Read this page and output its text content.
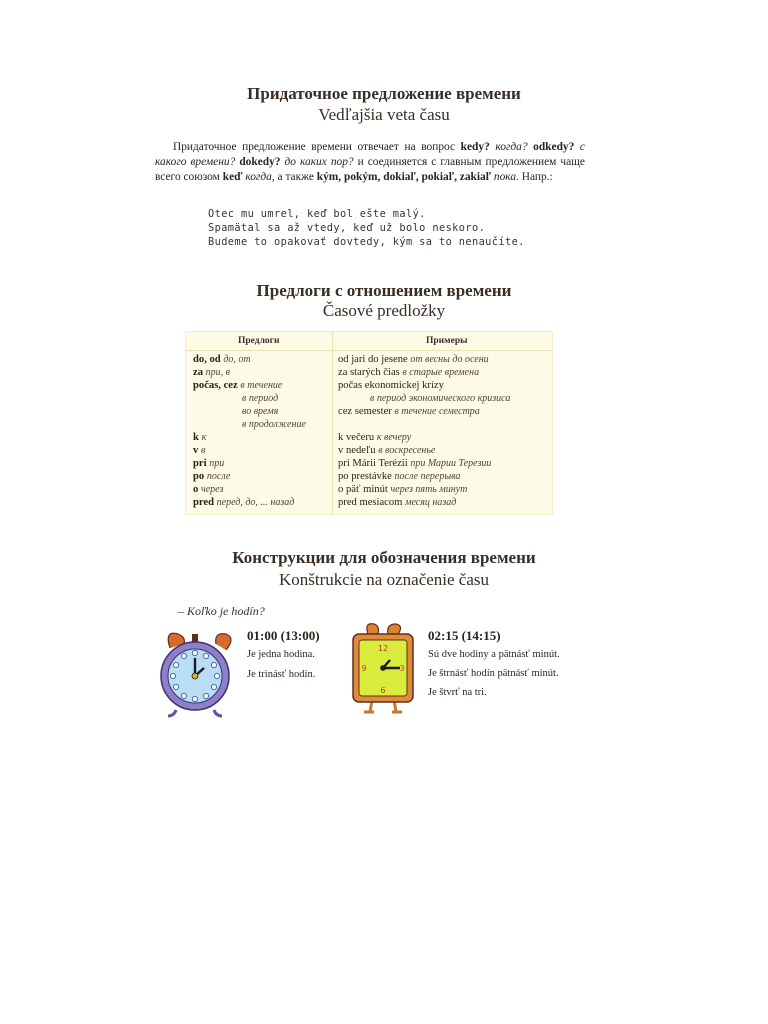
Придаточное предложение времени
Vedľajšia veta času
Придаточное предложение времени отвечает на вопрос kedy? когда? odkedy? с какого времени? dokedy? до каких пор? и соединяется с главным предложением чаще всего союзом keď когда, а также kým, pokým, dokiaľ, pokiaľ, zakiaľ пока. Напр.:
Otec mu umrel, keď bol ešte malý.
Spamätal sa až vtedy, keď už bolo neskoro.
Budeme to opakovať dovtedy, kým sa to nenaučíte.
Предлоги с отношением времени
Časové predložky
Предлоги	Примеры
do, od до, от	od jari do jesene от весны до осени
za при, в	za starých čias в старые времена
počas, cez в течение	počas ekonomickej krízy
в период	в период экономического кризиса
во время	cez semester в течение семестра
в продолжение
k к	k večeru к вечеру
v в	v nedeľu в воскресенье
pri при	pri Márii Terézii при Марии Терезии
po после	po prestávke после перерыва
o через	o päť minút через пять минут
pred перед, до, ... назад	pred mesiacom месяц назад
Конструкции для обозначения времени
Konštrukcie na označenie času
– Koľko je hodín?
01:00 (13:00)
Je jedna hodina.
Je trinásť hodín.
12
3
6
9
02:15 (14:15)
Sú dve hodiny a pätnásť minút.
Je štrnásť hodín pätnásť minút.
Je štvrť na tri.
